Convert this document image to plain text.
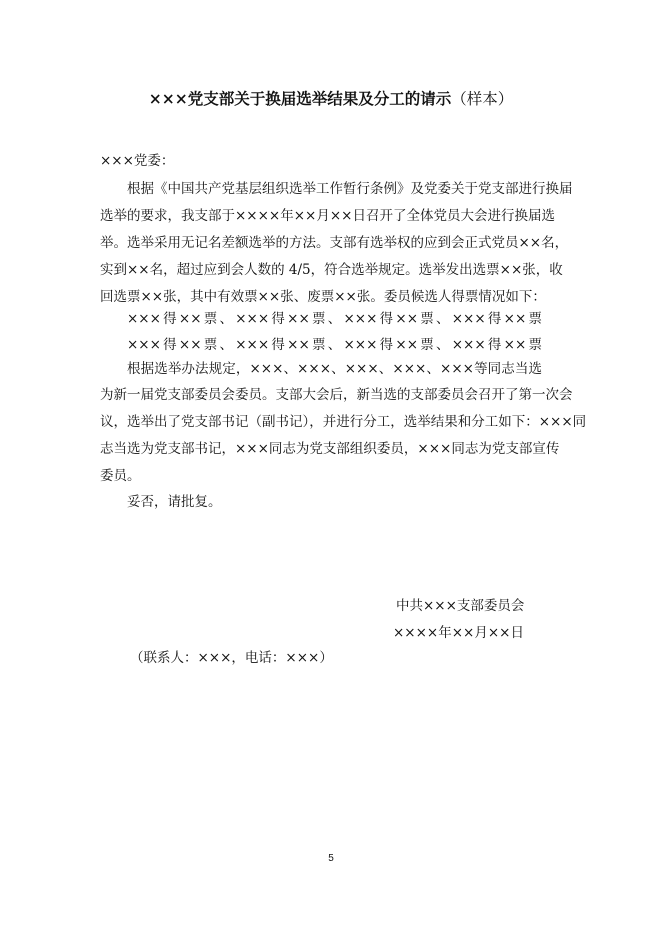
×××党支部关于换届选举结果及分工的请示（样本）
×××党委：
根据《中国共产党基层组织选举工作暂行条例》及党委关于党支部进行换届
选举的要求，我支部于××××年××月××日召开了全体党员大会进行换届选
举。选举采用无记名差额选举的方法。支部有选举权的应到会正式党员××名，
实到××名，超过应到会人数的 4/5，符合选举规定。选举发出选票××张，收
回选票××张，其中有效票××张、废票××张。委员候选人得票情况如下：
×××得××票、×××得××票、×××得××票、×××得××票
×××得××票、×××得××票、×××得××票、×××得××票
根据选举办法规定，×××、×××、×××、×××、×××等同志当选
为新一届党支部委员会委员。支部大会后，新当选的支部委员会召开了第一次会
议，选举出了党支部书记（副书记），并进行分工，选举结果和分工如下：×××同
志当选为党支部书记，×××同志为党支部组织委员，×××同志为党支部宣传
委员。
妥否，请批复。
中共×××支部委员会
××××年××月××日
（联系人：×××，电话：×××）
5
